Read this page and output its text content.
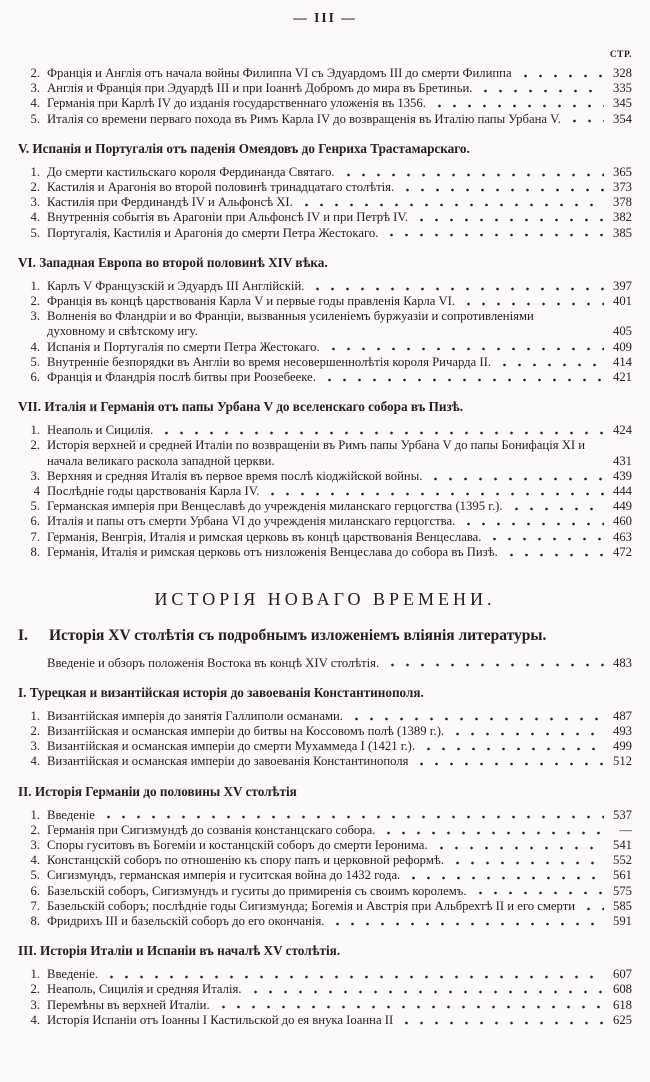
— III —
СТР.
2. Франція и Англія отъ начала войны Филиппа VI съ Эдуардомъ III до смерти Филиппа	328
3. Англія и Франція при Эдуардѣ III и при Іоаннѣ Добромъ до мира въ Бретиньи.	335
4. Германія при Карлѣ IV до изданія государственнаго уложенія въ 1356.	345
5. Италія со времени перваго похода въ Римъ Карла IV до возвращенія въ Италію папы Урбана V.	354
V. Испанія и Португалія отъ паденія Омеядовъ до Генриха Трастамарскаго.
1. До смерти кастильскаго короля Фердинанда Святаго.	365
2. Кастилія и Арагонія во второй половинѣ тринадцатаго столѣтія.	373
3. Кастилія при Фердинандѣ IV и Альфонсѣ XI.	378
4. Внутреннія событія въ Арагоніи при Альфонсѣ IV и при Петрѣ IV.	382
5. Португалія, Кастилія и Арагонія до смерти Петра Жестокаго.	385
VI. Западная Европа во второй половинѣ XIV вѣка.
1. Карлъ V Французскій и Эдуардъ III Англійскій.	397
2. Франція въ концѣ царствованія Карла V и первые годы правленія Карла VI.	401
3. Волненія во Фландріи и во Франціи, вызванныя усиленіемъ буржуазіи и сопротивленіями духовному и свѣтскому игу.	405
4. Испанія и Португалія по смерти Петра Жестокаго.	409
5. Внутренніе безпорядки въ Англіи во время несовершеннолѣтія короля Ричарда II.	414
6. Франція и Фландрія послѣ битвы при Роозебееке.	421
VII. Италія и Германія отъ папы Урбана V до вселенскаго собора въ Пизѣ.
1. Неаполь и Сицилія.	424
2. Исторія верхней и средней Италіи по возвращеніи въ Римъ папы Урбана V до папы Бонифація XI и начала великаго раскола западной церкви.	431
3. Верхняя и средняя Италія въ первое время послѣ кіоджійской войны.	439
4 Послѣдніе годы царствованія Карла IV.	444
5. Германская имперія при Венцеславѣ до учрежденія миланскаго герцогства (1395 г.).	449
6. Италія и папы отъ смерти Урбана VI до учрежденія миланскаго герцогства.	460
7. Германія, Венгрія, Италія и римская церковь въ концѣ царствованія Венцеслава.	463
8. Германія, Италія и римская церковь отъ низложенія Венцеслава до собора въ Пизѣ.	472
ИСТОРІЯ НОВАГО ВРЕМЕНИ.
I. Исторія XV столѣтія съ подробнымъ изложеніемъ вліянія литературы.
Введеніе и обзоръ положенія Востока въ концѣ XIV столѣтія.	483
I. Турецкая и византійская исторія до завоеванія Константинополя.
1. Византійская имперія до занятія Галлиполи османами.	487
2. Византійская и османская имперіи до битвы на Коссовомъ полѣ (1389 г.).	493
3. Византійская и османская имперіи до смерти Мухаммеда I (1421 г.).	499
4. Византійская и османская имперіи до завоеванія Константинополя	512
II. Исторія Германіи до половины XV столѣтія
1. Введеніе	537
2. Германія при Сигизмундѣ до созванія констанцскаго собора.	—
3. Споры гуситовъ въ Богеміи и костанцскій соборъ до смерти Іеронима.	541
4. Констанцскій соборъ по отношенію къ спору папъ и церковной реформѣ.	552
5. Сигизмундъ, германская имперія и гуситская война до 1432 года.	561
6. Базельскій соборъ, Сигизмундъ и гуситы до примиренія съ своимъ королемъ.	575
7. Базельскій соборъ; послѣдніе годы Сигизмунда; Богемія и Австрія при Альбрехтѣ II и его смерти	585
8. Фридрихъ III и базельскій соборъ до его окончанія.	591
III. Исторія Италіи и Испаніи въ началѣ XV столѣтія.
1. Введеніе.	607
2. Неаполь, Сицилія и средняя Италія.	608
3. Перемѣны въ верхней Италіи.	618
4. Исторія Испаніи отъ Іоанны I Кастильской до ея внука Іоанна II	625
